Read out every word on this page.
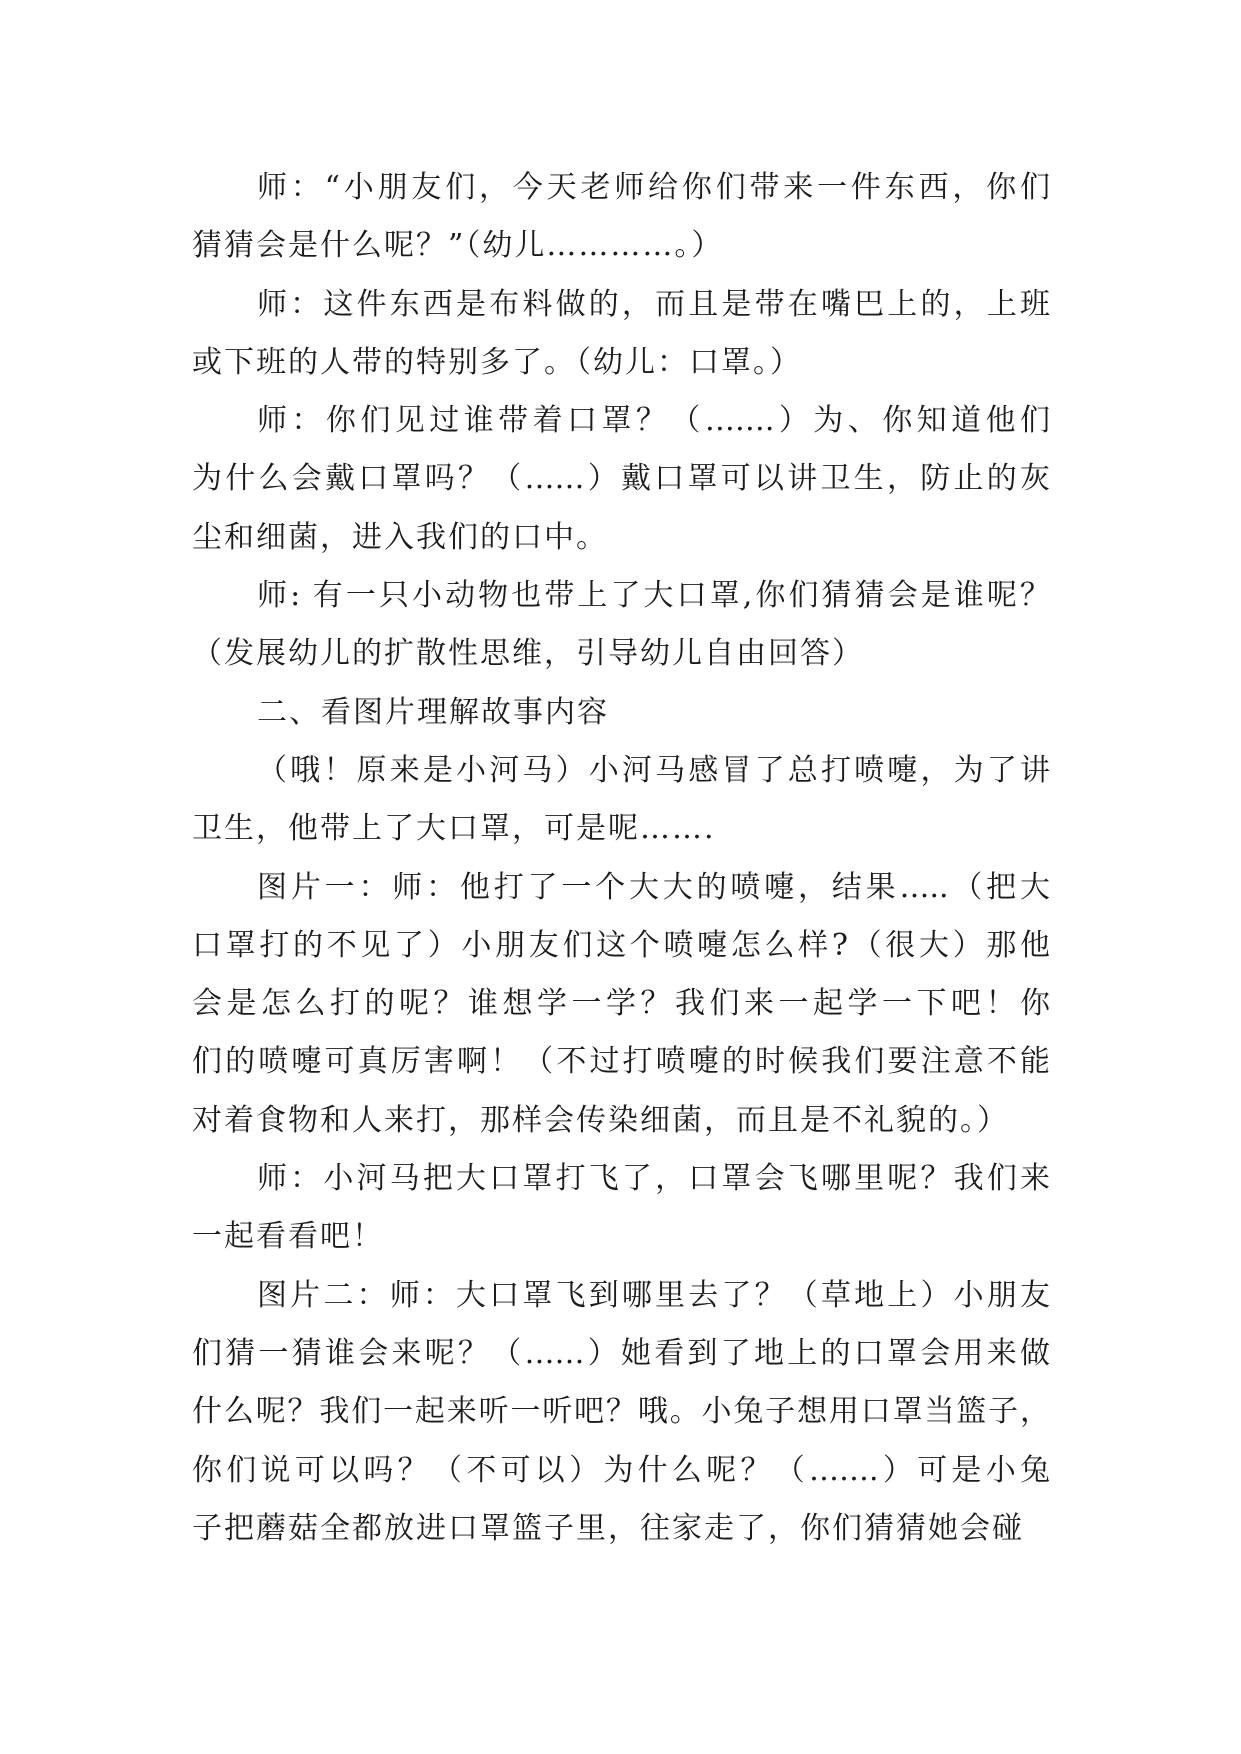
师：“小朋友们，今天老师给你们带来一件东西，你们
猜猜会是什么呢？”（幼儿…………。）
师：这件东西是布料做的，而且是带在嘴巴上的，上班
或下班的人带的特别多了。（幼儿：口罩。）
师：你们见过谁带着口罩？（…….）为、你知道他们
为什么会戴口罩吗？（……）戴口罩可以讲卫生，防止的灰
尘和细菌，进入我们的口中。
师: 有一只小动物也带上了大口罩,你们猜猜会是谁呢？
（发展幼儿的扩散性思维，引导幼儿自由回答）
二、看图片理解故事内容
（哦！原来是小河马）小河马感冒了总打喷嚏，为了讲
卫生，他带上了大口罩，可是呢…….
图片一：师：他打了一个大大的喷嚏，结果…..（把大
口罩打的不见了）小朋友们这个喷嚏怎么样?（很大）那他
会是怎么打的呢？谁想学一学？我们来一起学一下吧！你
们的喷嚏可真厉害啊！（不过打喷嚏的时候我们要注意不能
对着食物和人来打，那样会传染细菌，而且是不礼貌的。）
师：小河马把大口罩打飞了，口罩会飞哪里呢？我们来
一起看看吧！
图片二：师：大口罩飞到哪里去了？（草地上）小朋友
们猜一猜谁会来呢？（……）她看到了地上的口罩会用来做
什么呢？我们一起来听一听吧？哦。小兔子想用口罩当篮子，
你们说可以吗？（不可以）为什么呢？（…….）可是小兔
子把蘑菇全都放进口罩篮子里，往家走了，你们猜猜她会碰
